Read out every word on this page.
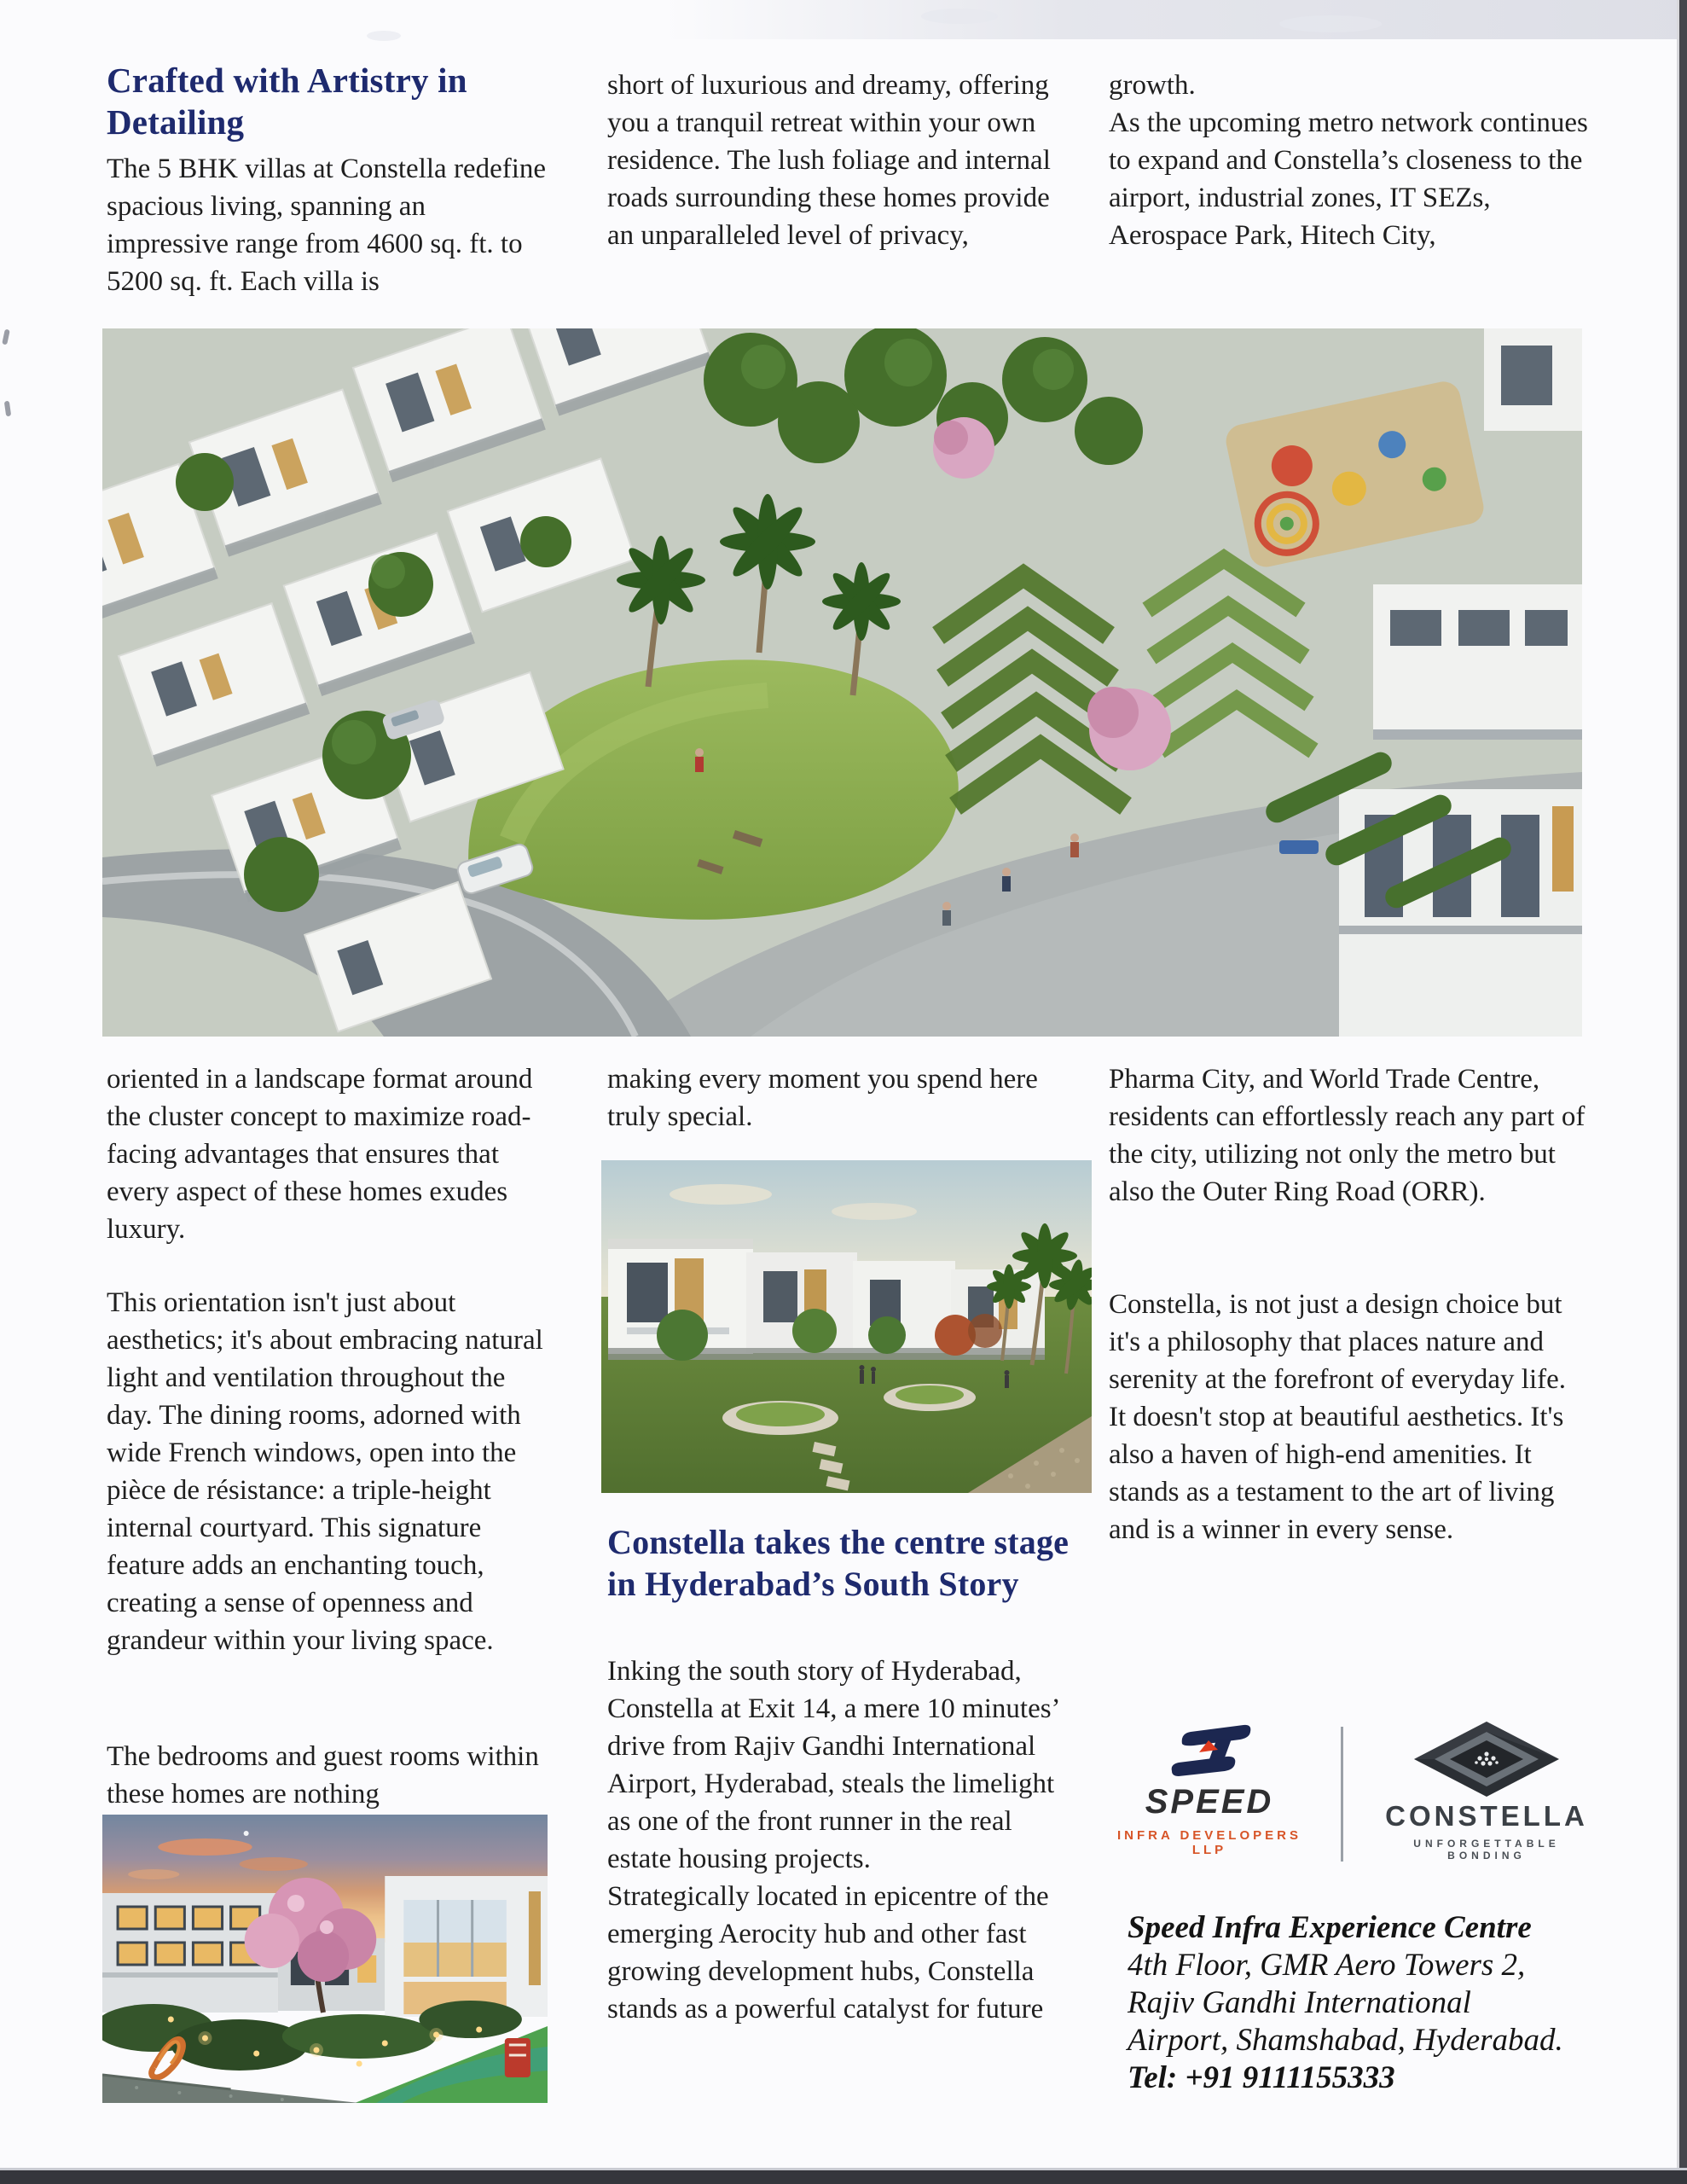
Crafted with Artistry in Detailing
The 5 BHK villas at Constella redefine spacious living, spanning an impressive range from 4600 sq. ft. to 5200 sq. ft. Each villa is
short of luxurious and dreamy, offering you a tranquil retreat within your own residence. The lush foliage and internal roads surrounding these homes provide an unparalleled level of privacy,
growth.
As the upcoming metro network continues to expand and Constella’s closeness to the airport, industrial zones, IT SEZs, Aerospace Park, Hitech City,
oriented in a landscape format around the cluster concept to maximize road-facing advantages that ensures that every aspect of these homes exudes luxury.
This orientation isn't just about aesthetics; it's about embracing natural light and ventilation throughout the day. The dining rooms, adorned with wide French windows, open into the pièce de résistance: a triple-height internal courtyard. This signature feature adds an enchanting touch, creating a sense of openness and grandeur within your living space.
The bedrooms and guest rooms within these homes are nothing
making every moment you spend here truly special.
Constella takes the centre stage in Hyderabad’s South Story
Inking the south story of Hyderabad, Constella at Exit 14, a mere 10 minutes’ drive from Rajiv Gandhi International Airport, Hyderabad, steals the limelight as one of the front runner in the real estate housing projects.
Strategically located in epicentre of the emerging Aerocity hub and other fast growing development hubs, Constella stands as a powerful catalyst for future
Pharma City, and World Trade Centre, residents can effortlessly reach any part of the city, utilizing not only the metro but also the Outer Ring Road (ORR).
Constella, is not just a design choice but it's a philosophy that places nature and serenity at the forefront of everyday life. It doesn't stop at beautiful aesthetics. It's also a haven of high-end amenities. It stands as a testament to the art of living and is a winner in every sense.
SPEED
INFRA DEVELOPERS LLP
CONSTELLA
UNFORGETTABLE BONDING
Speed Infra Experience Centre
4th Floor, GMR Aero Towers 2,
Rajiv Gandhi International
Airport, Shamshabad, Hyderabad.
Tel: +91 9111155333
